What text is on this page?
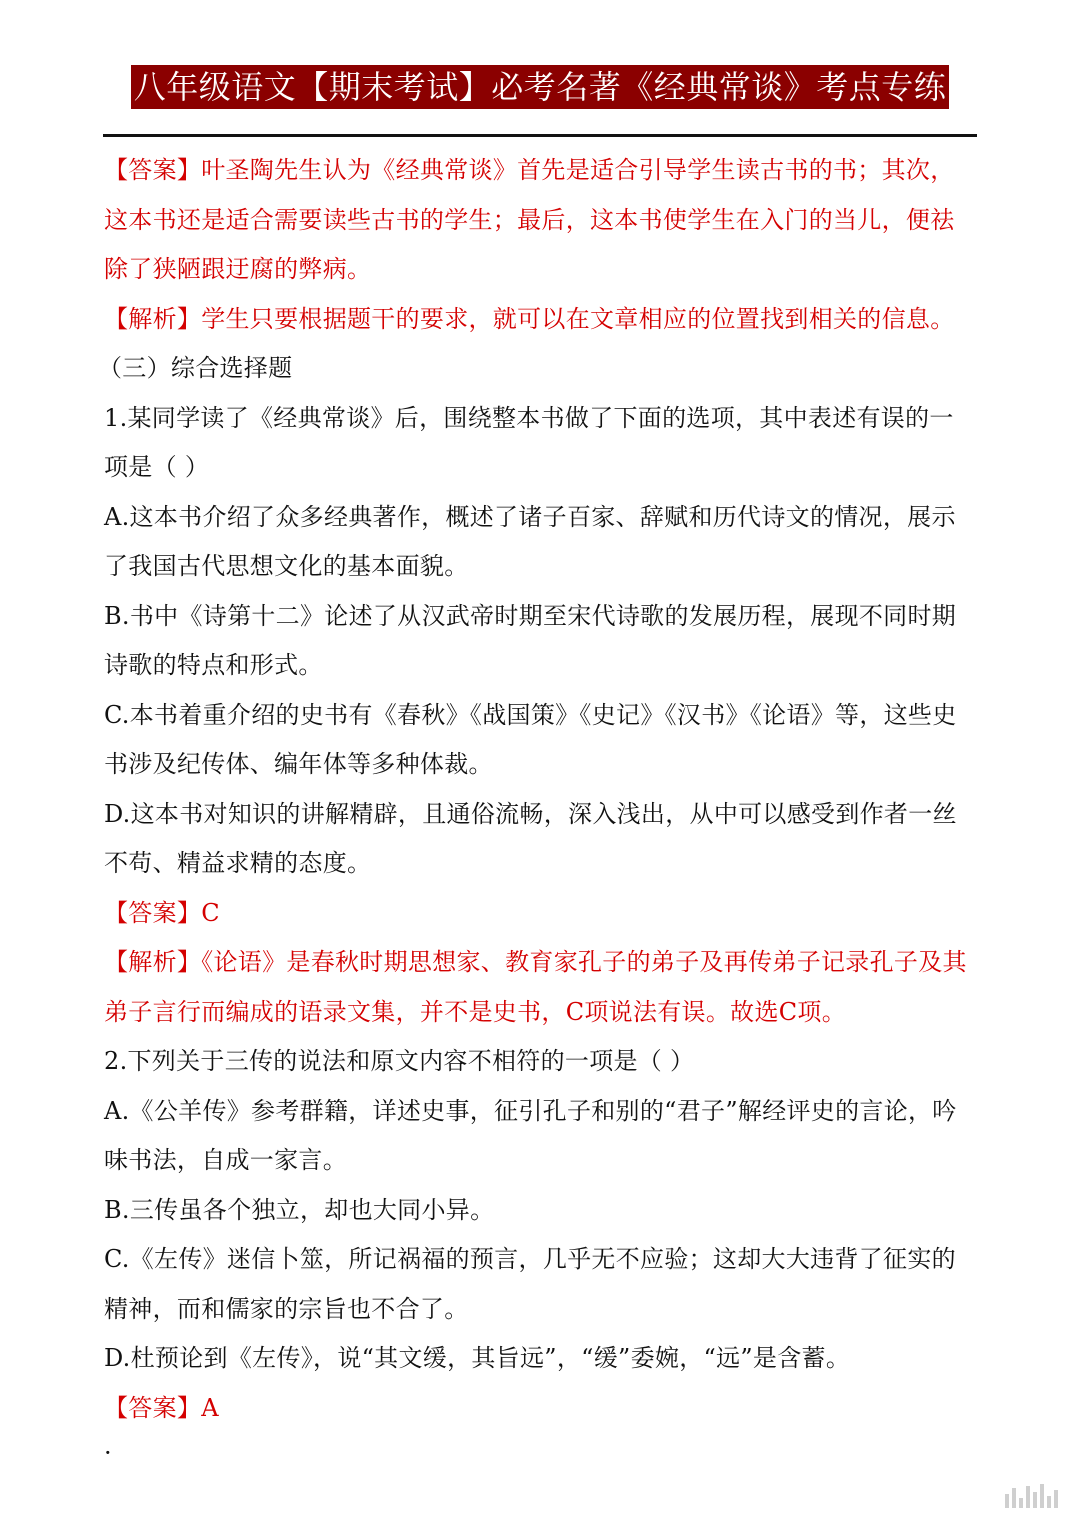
八年级语文【期末考试】必考名著《经典常谈》考点专练

【答案】叶圣陶先生认为《经典常谈》首先是适合引导学生读古书的书；其次，这本书还是适合需要读些古书的学生；最后，这本书使学生在入门的当儿，便祛除了狭陋跟迂腐的弊病。

【解析】学生只要根据题干的要求，就可以在文章相应的位置找到相关的信息。

（三）综合选择题

1.某同学读了《经典常谈》后，围绕整本书做了下面的选项，其中表述有误的一项是（ ）

A.这本书介绍了众多经典著作，概述了诸子百家、辞赋和历代诗文的情况，展示了我国古代思想文化的基本面貌。

B.书中《诗第十二》论述了从汉武帝时期至宋代诗歌的发展历程，展现不同时期诗歌的特点和形式。

C.本书着重介绍的史书有《春秋》《战国策》《史记》《汉书》《论语》等，这些史书涉及纪传体、编年体等多种体裁。

D.这本书对知识的讲解精辟，且通俗流畅，深入浅出，从中可以感受到作者一丝不苟、精益求精的态度。

【答案】C

【解析】《论语》是春秋时期思想家、教育家孔子的弟子及再传弟子记录孔子及其弟子言行而编成的语录文集，并不是史书，C项说法有误。故选C项。

2.下列关于三传的说法和原文内容不相符的一项是（ ）

A.《公羊传》参考群籍，详述史事，征引孔子和别的“君子”解经评史的言论，吟味书法，自成一家言。

B.三传虽各个独立，却也大同小异。

C.《左传》迷信卜筮，所记祸福的预言，几乎无不应验；这却大大违背了征实的精神，而和儒家的宗旨也不合了。

D.杜预论到《左传》，说“其文缓，其旨远”，“缓”委婉，“远”是含蓄。

【答案】A

·
